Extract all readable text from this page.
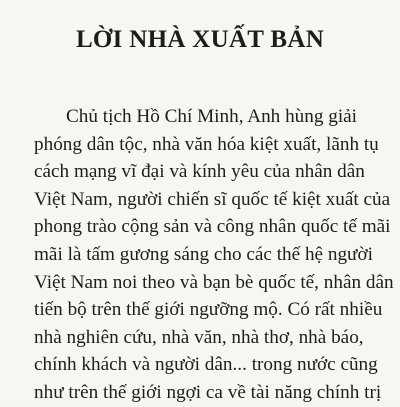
LỜI NHÀ XUẤT BẢN
Chủ tịch Hồ Chí Minh, Anh hùng giải
phóng dân tộc, nhà văn hóa kiệt xuất, lãnh tụ
cách mạng vĩ đại và kính yêu của nhân dân
Việt Nam, người chiến sĩ quốc tế kiệt xuất của
phong trào cộng sản và công nhân quốc tế mãi
mãi là tấm gương sáng cho các thế hệ người
Việt Nam noi theo và bạn bè quốc tế, nhân dân
tiến bộ trên thế giới ngưỡng mộ. Có rất nhiều
nhà nghiên cứu, nhà văn, nhà thơ, nhà báo,
chính khách và người dân... trong nước cũng
như trên thế giới ngợi ca về tài năng chính trị
